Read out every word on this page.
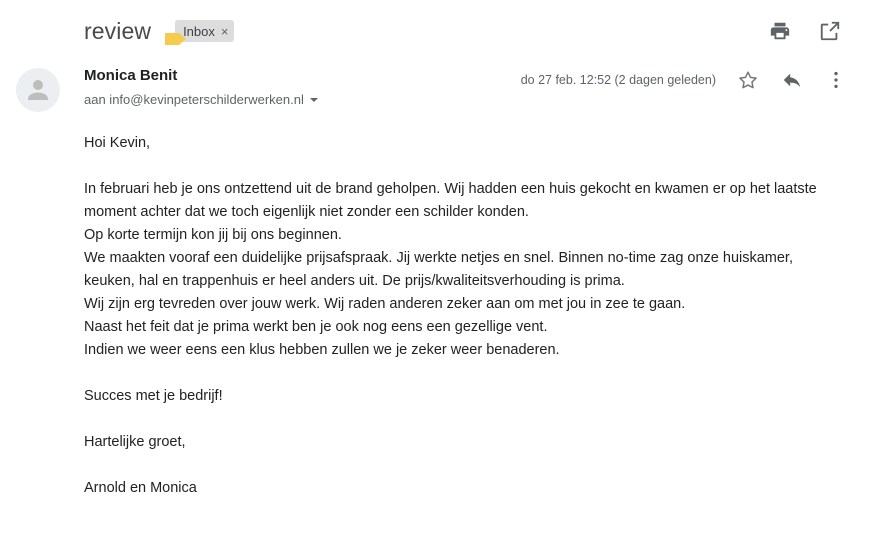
review Inbox ×
Monica Benit
aan info@kevinpeterschilderwerken.nl
do 27 feb. 12:52 (2 dagen geleden)

Hoi Kevin,

In februari heb je ons ontzettend uit de brand geholpen. Wij hadden een huis gekocht en kwamen er op het laatste moment achter dat we toch eigenlijk niet zonder een schilder konden.

Op korte termijn kon jij bij ons beginnen.

We maakten vooraf een duidelijke prijsafspraak. Jij werkte netjes en snel. Binnen no-time zag onze huiskamer, keuken, hal en trappenhuis er heel anders uit. De prijs/kwaliteitsverhouding is prima.

Wij zijn erg tevreden over jouw werk. Wij raden anderen zeker aan om met jou in zee te gaan.

Naast het feit dat je prima werkt ben je ook nog eens een gezellige vent.

Indien we weer eens een klus hebben zullen we je zeker weer benaderen.

Succes met je bedrijf!

Hartelijke groet,

Arnold en Monica
